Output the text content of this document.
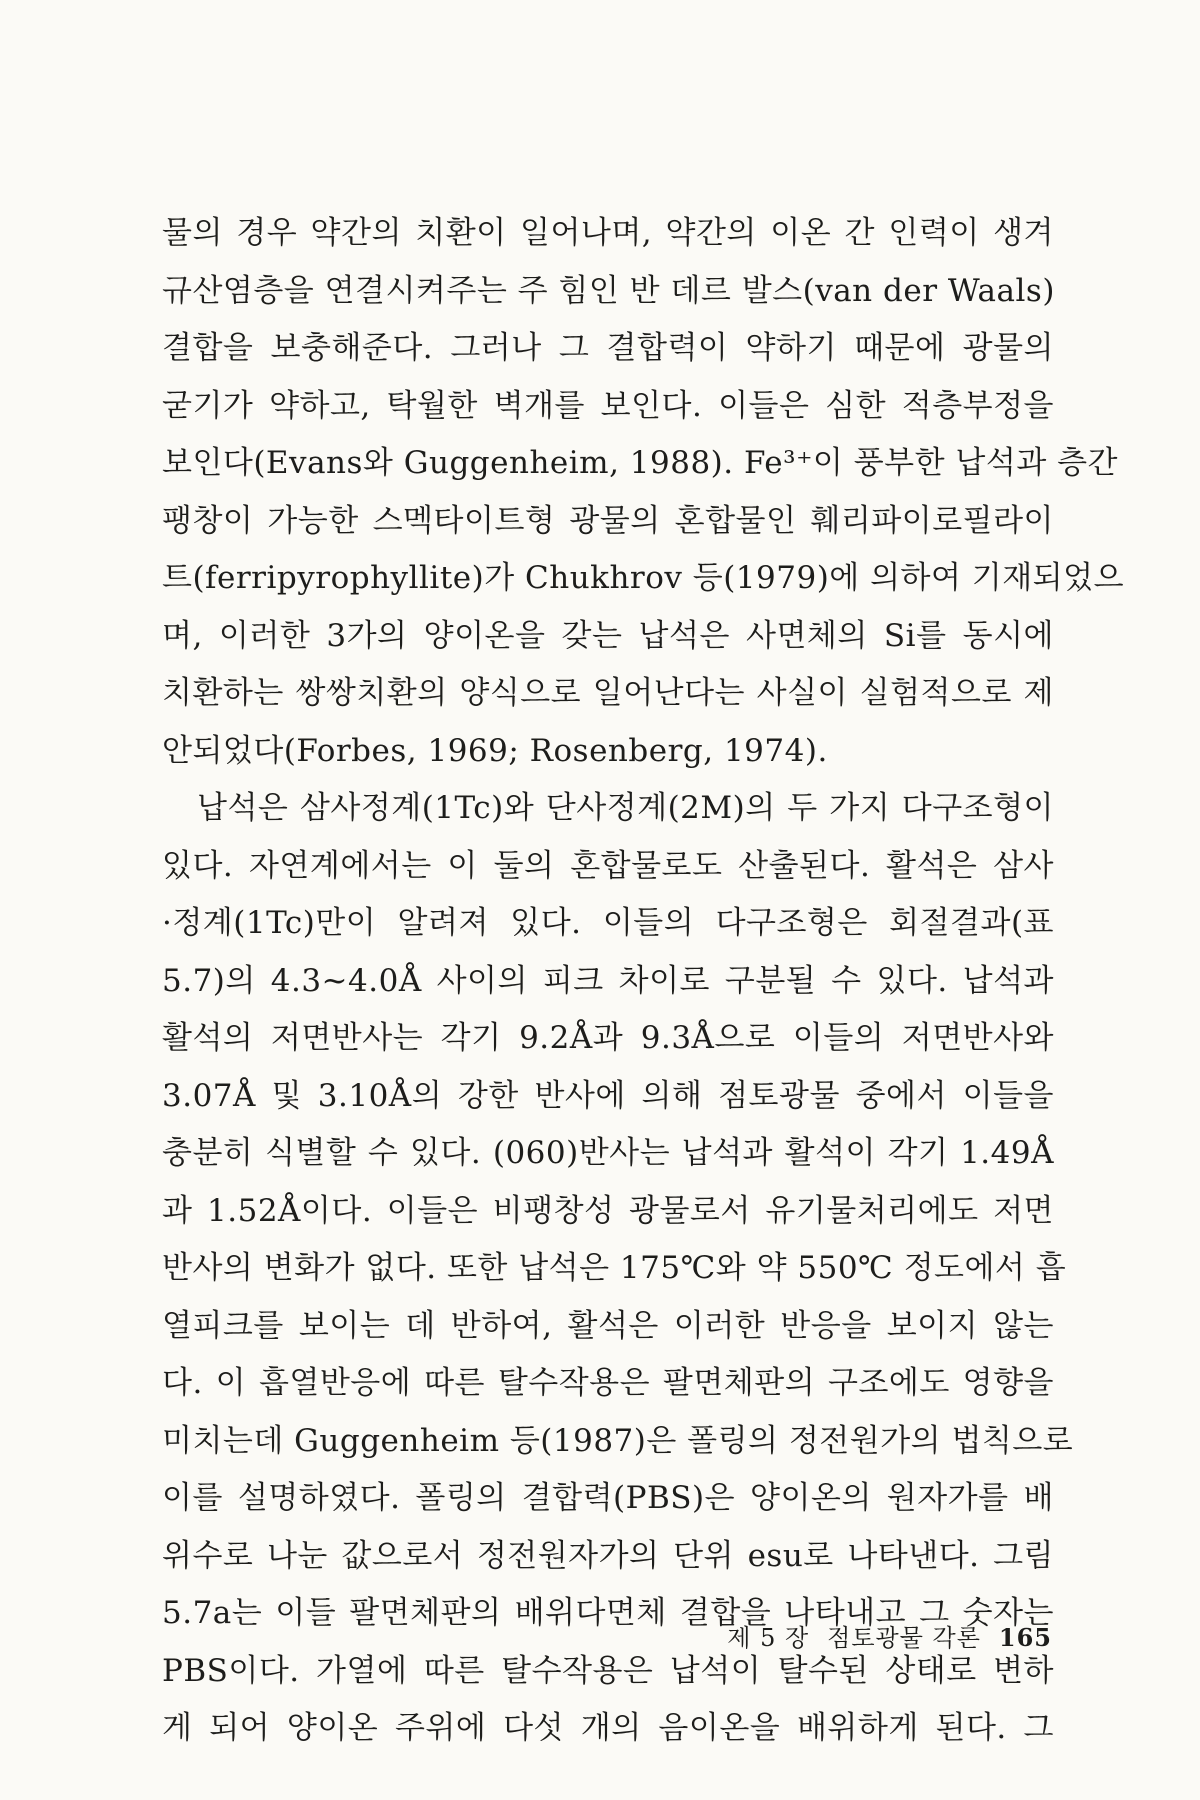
물의 경우 약간의 치환이 일어나며, 약간의 이온 간 인력이 생겨
규산염층을 연결시켜주는 주 힘인 반 데르 발스(van der Waals)
결합을 보충해준다. 그러나 그 결합력이 약하기 때문에 광물의
굳기가 약하고, 탁월한 벽개를 보인다. 이들은 심한 적층부정을
보인다(Evans와 Guggenheim, 1988). Fe³⁺이 풍부한 납석과 층간
팽창이 가능한 스멕타이트형 광물의 혼합물인 훼리파이로필라이
트(ferripyrophyllite)가 Chukhrov 등(1979)에 의하여 기재되었으
며, 이러한 3가의 양이온을 갖는 납석은 사면체의 Si를 동시에
치환하는 쌍쌍치환의 양식으로 일어난다는 사실이 실험적으로 제
안되었다(Forbes, 1969; Rosenberg, 1974).
납석은 삼사정계(1Tc)와 단사정계(2M)의 두 가지 다구조형이
있다. 자연계에서는 이 둘의 혼합물로도 산출된다. 활석은 삼사
·정계(1Tc)만이 알려져 있다. 이들의 다구조형은 회절결과(표
5.7)의 4.3~4.0Å 사이의 피크 차이로 구분될 수 있다. 납석과
활석의 저면반사는 각기 9.2Å과 9.3Å으로 이들의 저면반사와
3.07Å 및 3.10Å의 강한 반사에 의해 점토광물 중에서 이들을
충분히 식별할 수 있다. (060)반사는 납석과 활석이 각기 1.49Å
과 1.52Å이다. 이들은 비팽창성 광물로서 유기물처리에도 저면
반사의 변화가 없다. 또한 납석은 175℃와 약 550℃ 정도에서 흡
열피크를 보이는 데 반하여, 활석은 이러한 반응을 보이지 않는
다. 이 흡열반응에 따른 탈수작용은 팔면체판의 구조에도 영향을
미치는데 Guggenheim 등(1987)은 폴링의 정전원가의 법칙으로
이를 설명하였다. 폴링의 결합력(PBS)은 양이온의 원자가를 배
위수로 나눈 값으로서 정전원자가의 단위 esu로 나타낸다. 그림
5.7a는 이들 팔면체판의 배위다면체 결합을 나타내고 그 숫자는
PBS이다. 가열에 따른 탈수작용은 납석이 탈수된 상태로 변하
게 되어 양이온 주위에 다섯 개의 음이온을 배위하게 된다. 그
제 5 장 점토광물 각론 165
